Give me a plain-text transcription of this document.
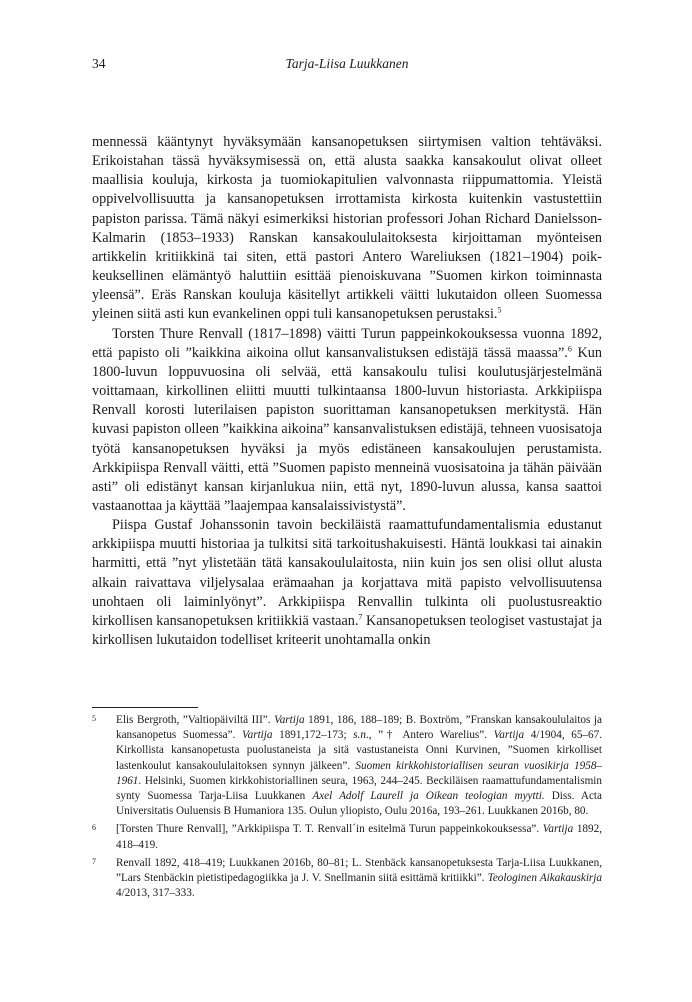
34	Tarja-Liisa Luukkanen

mennessä kääntynyt hyväksymään kansanopetuksen siirtymisen valtion tehtäväksi. Erikoistahan tässä hyväksymisessä on, että alusta saakka kansakoulut olivat olleet maallisia kouluja, kirkosta ja tuomiokapitulien valvonnasta riippumattomia. Yleistä oppivelvollisuutta ja kansanopetuksen irrottamista kirkosta kuitenkin vastustettiin papiston parissa. Tämä näkyi esimerkiksi historian professori Johan Richard Danielsson-Kalmarin (1853–1933) Ranskan kansakoululaitoksesta kirjoittaman myönteisen artikkelin kritiikkinä tai siten, että pastori Antero Wareliuksen (1821–1904) poikkeuksellinen elämäntyö haluttiin esittää pienoiskuvana ”Suomen kirkon toiminnasta yleensä”. Eräs Ranskan kouluja käsitellyt artikkeli väitti lukutaidon olleen Suomessa yleinen siitä asti kun evankelinen oppi tuli kansanopetuksen perustaksi.$^5$

Torsten Thure Renvall (1817–1898) väitti Turun pappeinkokouksessa vuonna 1892, että papisto oli ”kaikkina aikoina ollut kansanvalistuksen edistäjä tässä maassa”.$^6$ Kun 1800-luvun loppuvuosina oli selvää, että kansakoulu tulisi koulutusjärjestelmänä voittamaan, kirkollinen eliitti muutti tulkintaansa 1800-luvun historiasta. Arkkipiispa Renvall korosti luterilaisen papiston suorittaman kansanopetuksen merkitystä. Hän kuvasi papiston olleen ”kaikkina aikoina” kansanvalistuksen edistäjä, tehneen vuosisatoja työtä kansanopetuksen hyväksi ja myös edistäneen kansakoulujen perustamista. Arkkipiispa Renvall väitti, että ”Suomen papisto menneinä vuosisatoina ja tähän päivään asti” oli edistänyt kansan kirjanlukua niin, että nyt, 1890-luvun alussa, kansa saattoi vastaanottaa ja käyttää ”laajempaa kansalaissivistystä”.

Piispa Gustaf Johanssonin tavoin beckiläistä raamattufundamentalismia edustanut arkkipiispa muutti historiaa ja tulkitsi sitä tarkoitushakuisesti. Häntä loukkasi tai ainakin harmitti, että ”nyt ylistetään tätä kansakoululaitosta, niin kuin jos sen olisi ollut alusta alkain raivattava viljelysalaa erämaahan ja korjattava mitä papisto velvollisuutensa unohtaen oli laiminlyönyt”. Arkkipiispa Renvallin tulkinta oli puolustusreaktio kirkollisen kansanopetuksen kritiikkiä vastaan.$^7$ Kansanopetuksen teologiset vastustajat ja kirkollisen lukutaidon todelliset kriteerit unohtamalla onkin

5 Elis Bergroth, ”Valtiopäiviltä III”. Vartija 1891, 186, 188–189; B. Boxtröm, ”Franskan kansakoululaitos ja kansanopetus Suomessa”. Vartija 1891,172–173; s.n., ”† Antero Warelius”. Vartija 4/1904, 65–67. Kirkollista kansanopetusta puolustaneista ja sitä vastustaneista Onni Kurvinen, ”Suomen kirkolliset lastenkoulut kansakoululaitoksen synnyn jälkeen”. Suomen kirkkohistoriallisen seuran vuosikirja 1958–1961. Helsinki, Suomen kirkkohistoriallinen seura, 1963, 244–245. Beckiläisen raamattufundamentalismin synty Suomessa Tarja-Liisa Luukkanen Axel Adolf Laurell ja Oikean teologian myytti. Diss. Acta Universitatis Ouluensis B Humaniora 135. Oulun yliopisto, Oulu 2016a, 193–261. Luukkanen 2016b, 80.
6 [Torsten Thure Renvall], ”Arkkipiispa T. T. Renvall´in esitelmä Turun pappeinkokouksessa”. Vartija 1892, 418–419.
7 Renvall 1892, 418–419; Luukkanen 2016b, 80–81; L. Stenbäck kansanopetuksesta Tarja-Liisa Luukkanen, ”Lars Stenbäckin pietistipedagogiikka ja J. V. Snellmanin siitä esittämä kritiikki”. Teologinen Aikakauskirja 4/2013, 317–333.
